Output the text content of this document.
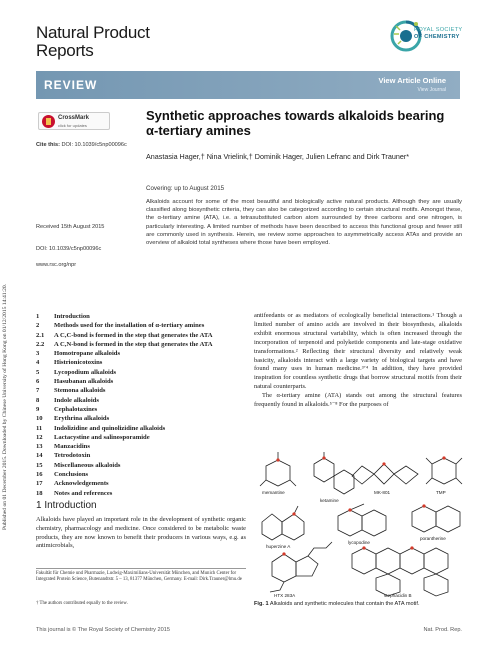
Published on 01 December 2015. Downloaded by Chinese University of Hong Kong on 01/12/2015 14:41:20.
Natural Product
Reports
ROYAL SOCIETY
OF CHEMISTRY
REVIEW	View Article Online
View Journal
CrossMark
click for updates
Cite this: DOI: 10.1039/c5np00096c
Synthetic approaches towards alkaloids bearing
α-tertiary amines
Anastasia Hager,† Nina Vrielink,† Dominik Hager, Julien Lefranc and Dirk Trauner*
Covering: up to August 2015
Alkaloids account for some of the most beautiful and biologically active natural products. Although they are usually classified along biosynthetic criteria, they can also be categorized according to certain structural motifs. Amongst these, the α-tertiary amine (ATA), i.e. a tetrasubstituted carbon atom surrounded by three carbons and one nitrogen, is particularly interesting. A limited number of methods have been described to access this functional group and fewer still are commonly used in synthesis. Herein, we review some approaches to asymmetrically access ATAs and provide an overview of alkaloid total syntheses where those have been employed.
Received 15th August 2015
DOI: 10.1039/c5np00096c
www.rsc.org/npr
1	Introduction
2	Methods used for the installation of α-tertiary amines
2.1	A C,C-bond is formed in the step that generates the ATA
2.2	A C,N-bond is formed in the step that generates the ATA
3	Homotropane alkaloids
4	Histrionicotoxins
5	Lycopodium alkaloids
6	Hasubanan alkaloids
7	Stemona alkaloids
8	Indole alkaloids
9	Cephalotaxines
10	Erythrina alkaloids
11	Indolizidine and quinolizidine alkaloids
12	Lactacystine and salinosporamide
13	Manzacidins
14	Tetrodotoxin
15	Miscellaneous alkaloids
16	Conclusions
17	Acknowledgements
18	Notes and references
1 Introduction
Alkaloids have played an important role in the development of synthetic organic chemistry, pharmacology and medicine. Once considered to be metabolic waste products, they are now known to benefit their producers in various ways, e.g. as antimicrobials,
Fakultät für Chemie und Pharmazie, Ludwig-Maximilians-Universität München, and Munich Center for Integrated Protein Science, Butenandtstr. 5 – 13, 81377 München, Germany. E-mail: Dirk.Trauner@lmu.de
† The authors contributed equally to the review.

antifeedants or as mediators of ecologically beneficial interactions.¹ Though a limited number of amino acids are involved in their biosynthesis, alkaloids exhibit enormous structural variability, which is often increased through the incorporation of terpenoid and polyketide components and late-stage oxidative transformations.² Reflecting their structural diversity and relatively weak basicity, alkaloids interact with a large variety of biological targets and have found many uses in human medicine.³ʼ⁴ In addition, they have provided inspiration for countless synthetic drugs that borrow structural motifs from their natural counterparts.

The α-tertiary amine (ATA) stands out among the structural features frequently found in alkaloids.⁵⁻⁸ For the purposes of

memantine
ketamine
MK-801	TMP
huperzine A
lycopodine
porantherine
HTX 283A	stephacidin B
Fig. 1 Alkaloids and synthetic molecules that contain the ATA motif.
This journal is © The Royal Society of Chemistry 2015	Nat. Prod. Rep.
